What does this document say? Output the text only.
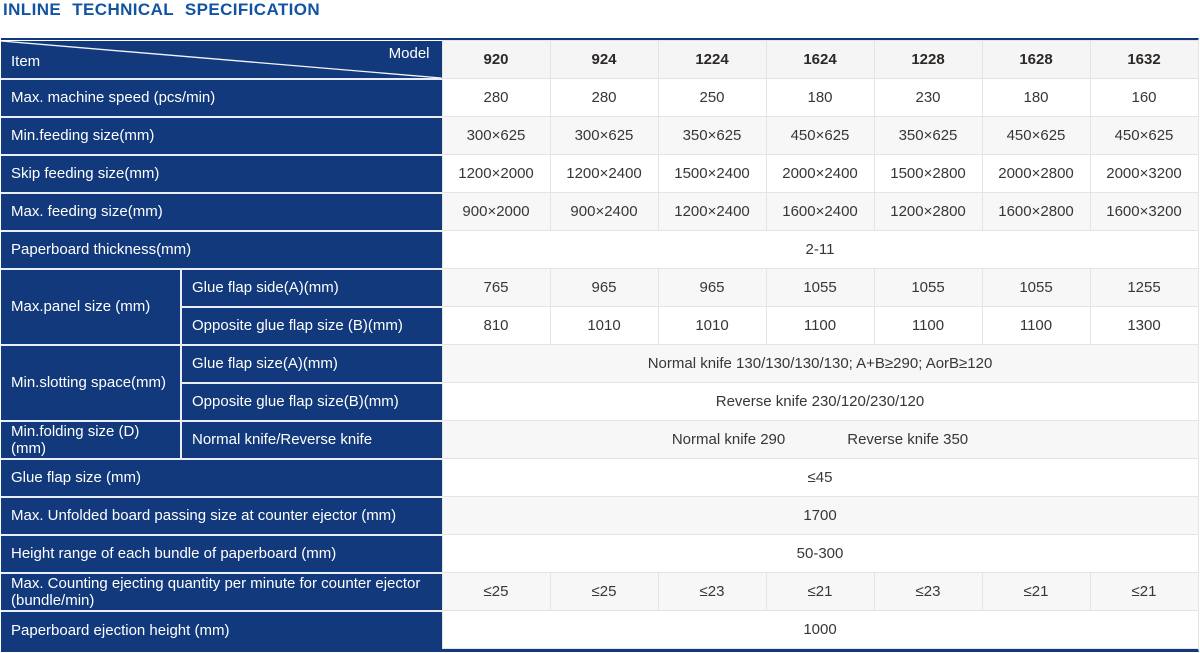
INLINE TECHNICAL SPECIFICATION
Item Model		920	924	1224	1624	1228	1628	1632
Max. machine speed (pcs/min)		280	280	250	180	230	180	160
Min.feeding size(mm)		300×625	300×625	350×625	450×625	350×625	450×625	450×625
Skip feeding size(mm)		1200×2000	1200×2400	1500×2400	2000×2400	1500×2800	2000×2800	2000×3200
Max. feeding size(mm)		900×2000	900×2400	1200×2400	1600×2400	1200×2800	1600×2800	1600×3200
Paperboard thickness(mm)		2-11						
Max.panel size (mm)	Glue flap side(A)(mm)	765	965	965	1055	1055	1055	1255
	Opposite glue flap size (B)(mm)	810	1010	1010	1100	1100	1100	1300
Min.slotting space(mm)	Glue flap size(A)(mm)	Normal knife 130/130/130/130; A+B≥290; AorB≥120						
	Opposite glue flap size(B)(mm)	Reverse knife 230/120/230/120						
Min.folding size (D)(mm)	Normal knife/Reverse knife	Normal knife 290 Reverse knife 350						

Glue flap size (mm)		≤45						
Max. Unfolded board passing size at counter ejector (mm)		1700						
Height range of each bundle of paperboard (mm)		50-300						
Max. Counting ejecting quantity per minute for counter ejector (bundle/min)		≤25	≤25	≤23	≤21	≤23	≤21	≤21
Paperboard ejection height (mm)		1000						
